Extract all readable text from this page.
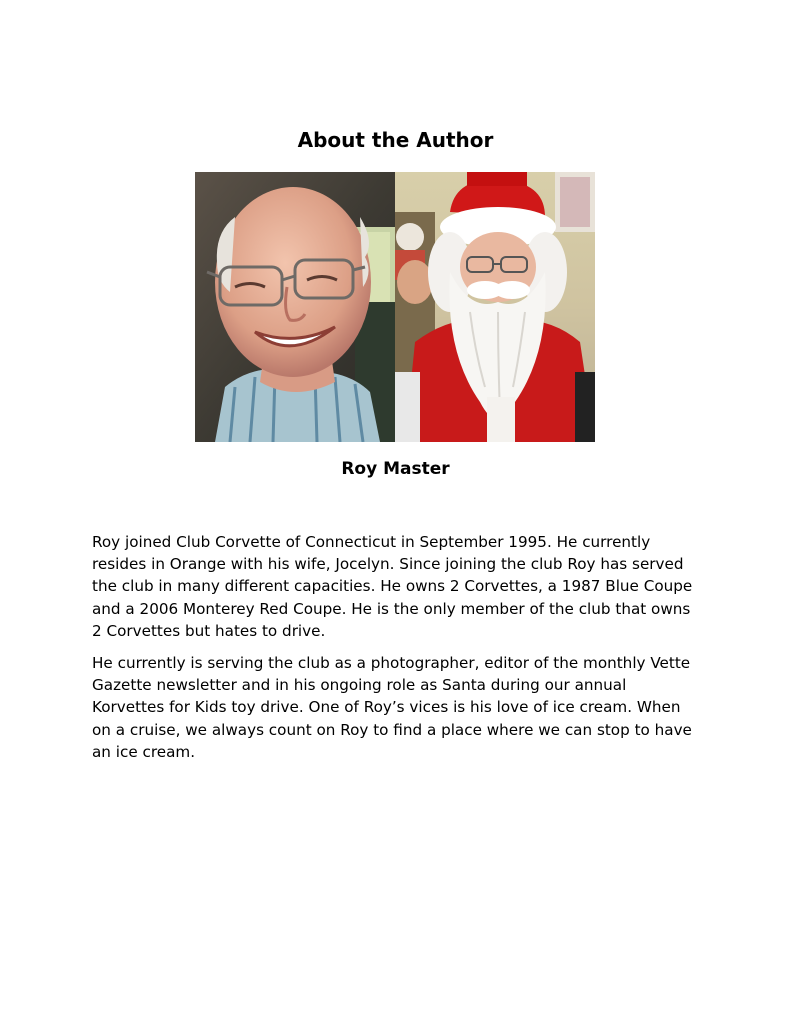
About the Author
Roy Master

Roy joined Club Corvette of Connecticut in September 1995. He currently resides in Orange with his wife, Jocelyn. Since joining the club Roy has served the club in many different capacities. He owns 2 Corvettes, a 1987 Blue Coupe and a 2006 Monterey Red Coupe. He is the only member of the club that owns 2 Corvettes but hates to drive.

He currently is serving the club as a photographer, editor of the monthly Vette Gazette newsletter and in his ongoing role as Santa during our annual Korvettes for Kids toy drive. One of Roy’s vices is his love of ice cream. When on a cruise, we always count on Roy to find a place where we can stop to have an ice cream.
